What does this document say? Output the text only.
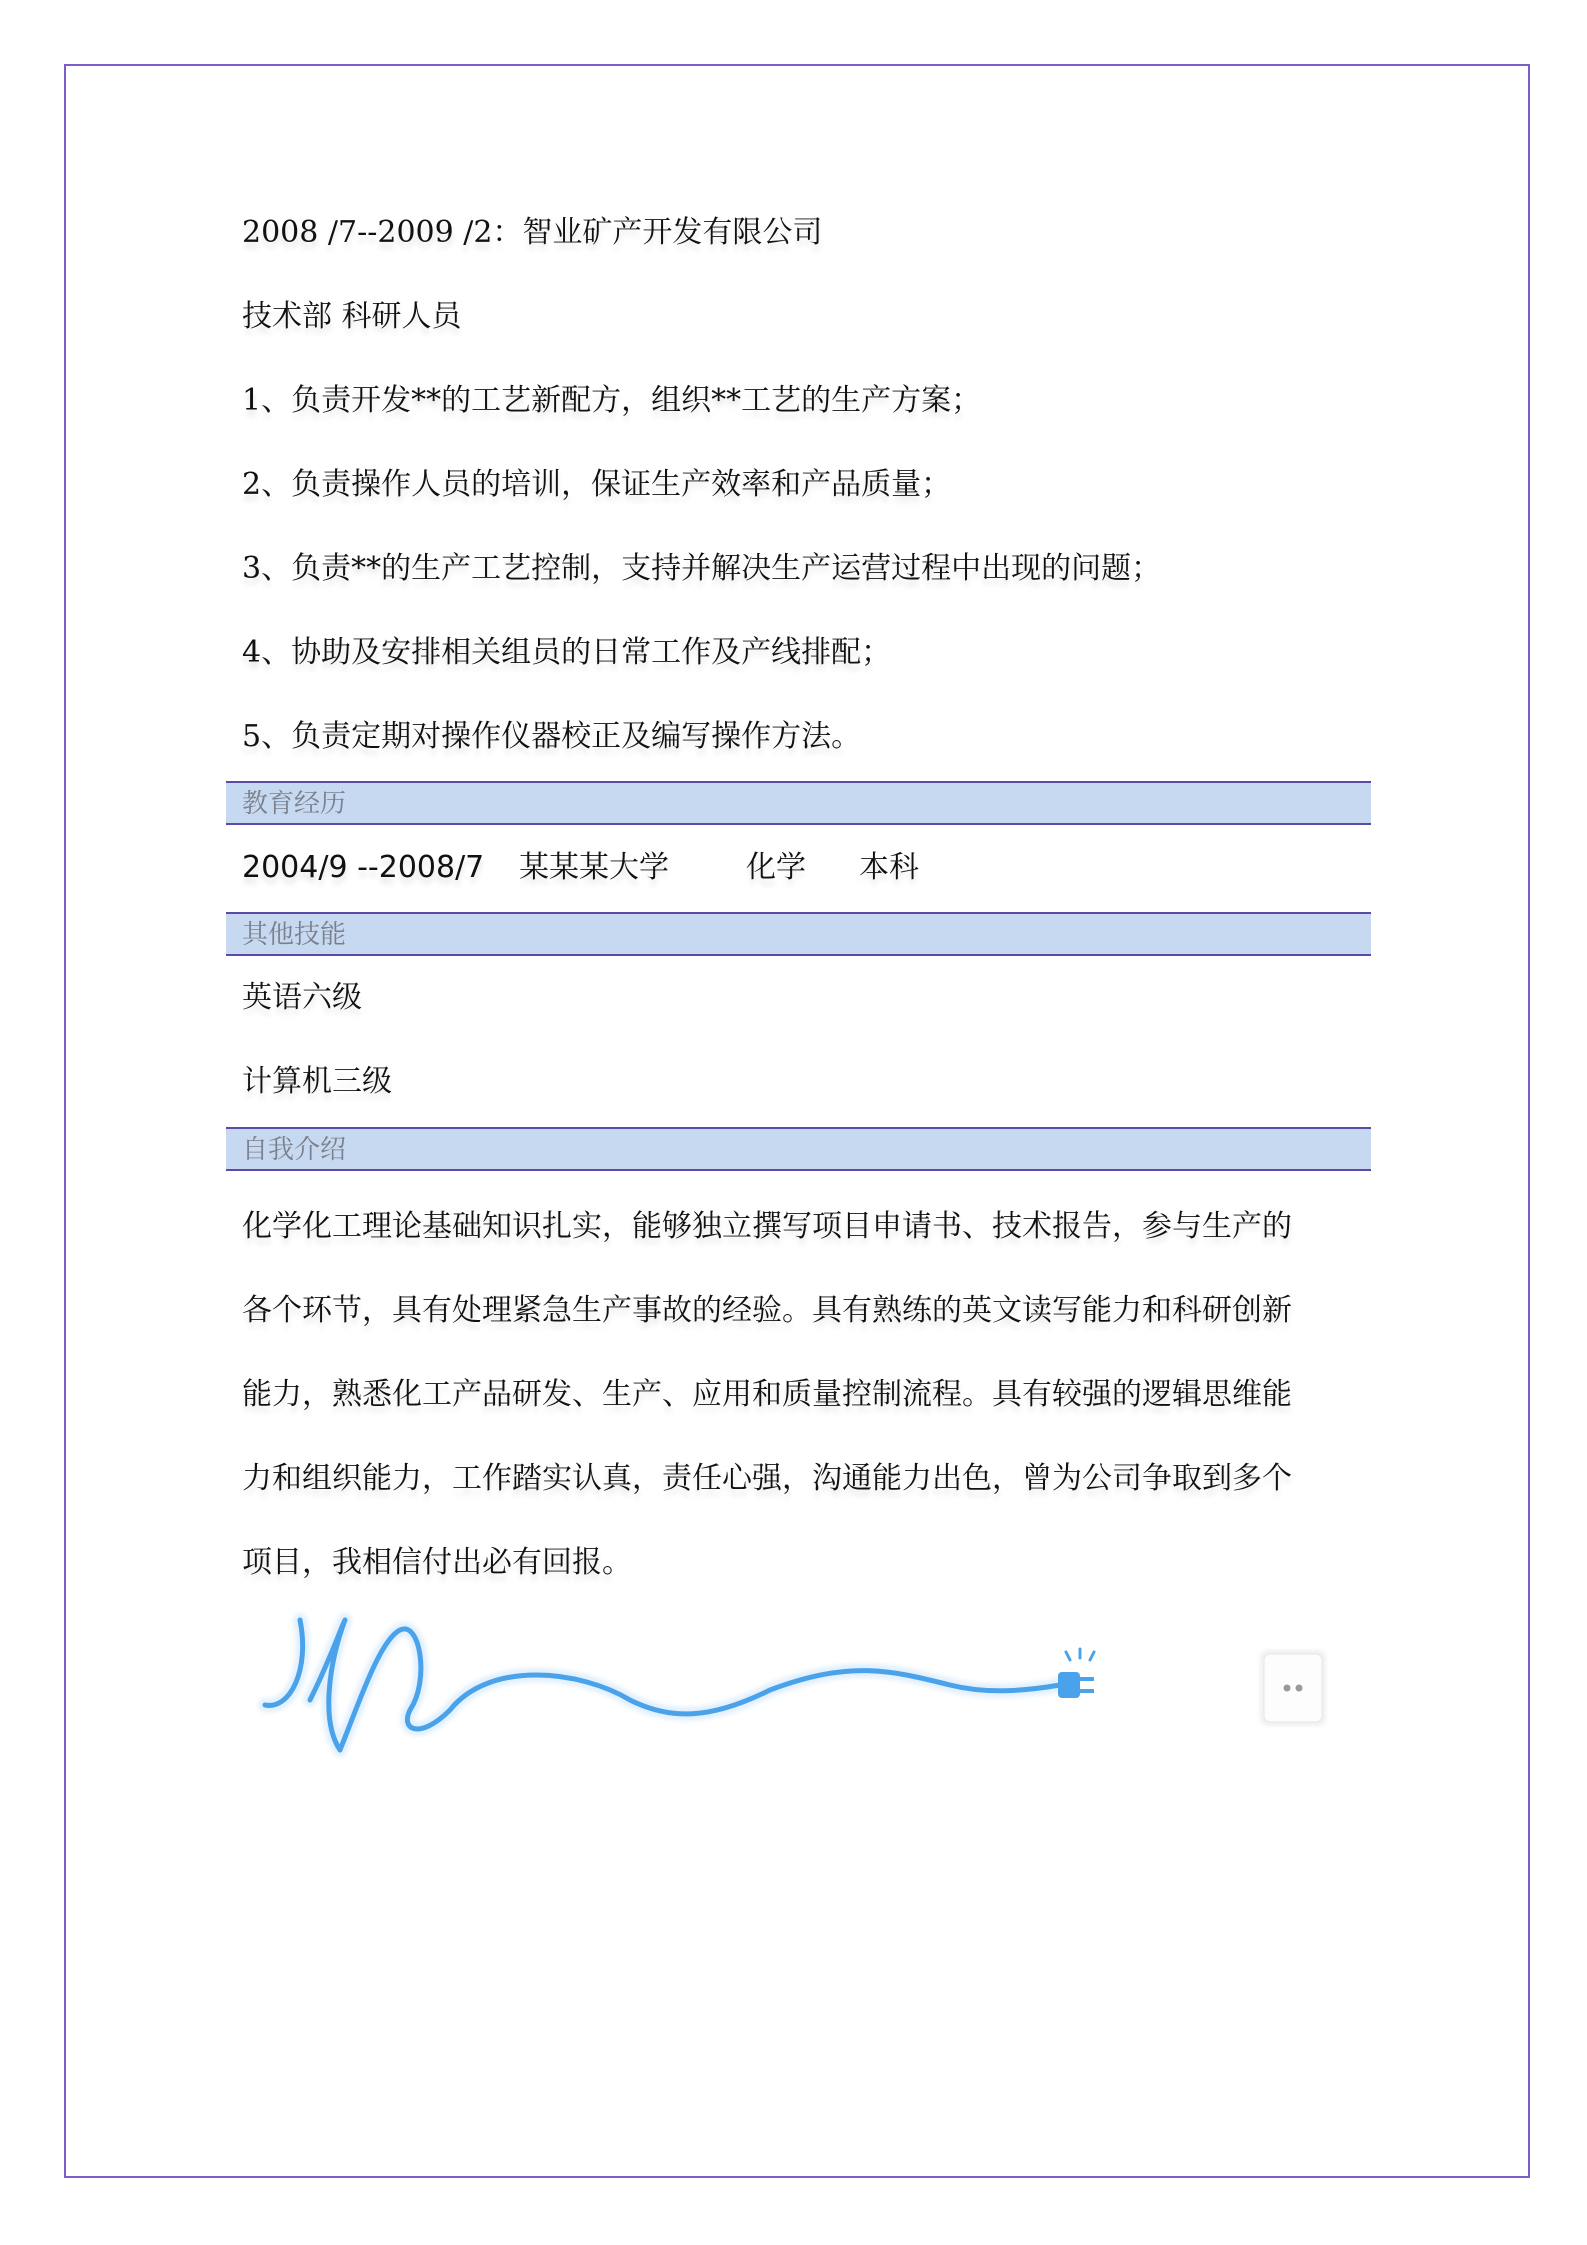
2008 /7--2009 /2：智业矿产开发有限公司
技术部 科研人员
1、负责开发**的工艺新配方，组织**工艺的生产方案；
2、负责操作人员的培训，保证生产效率和产品质量；
3、负责**的生产工艺控制，支持并解决生产运营过程中出现的问题；
4、协助及安排相关组员的日常工作及产线排配；
5、负责定期对操作仪器校正及编写操作方法。
教育经历
2004/9 --2008/7 某某某大学	化学 本科
其他技能
英语六级
计算机三级
自我介绍
化学化工理论基础知识扎实，能够独立撰写项目申请书、技术报告，参与生产的
各个环节，具有处理紧急生产事故的经验。具有熟练的英文读写能力和科研创新
能力，熟悉化工产品研发、生产、应用和质量控制流程。具有较强的逻辑思维能
力和组织能力，工作踏实认真，责任心强，沟通能力出色，曾为公司争取到多个
项目，我相信付出必有回报。
